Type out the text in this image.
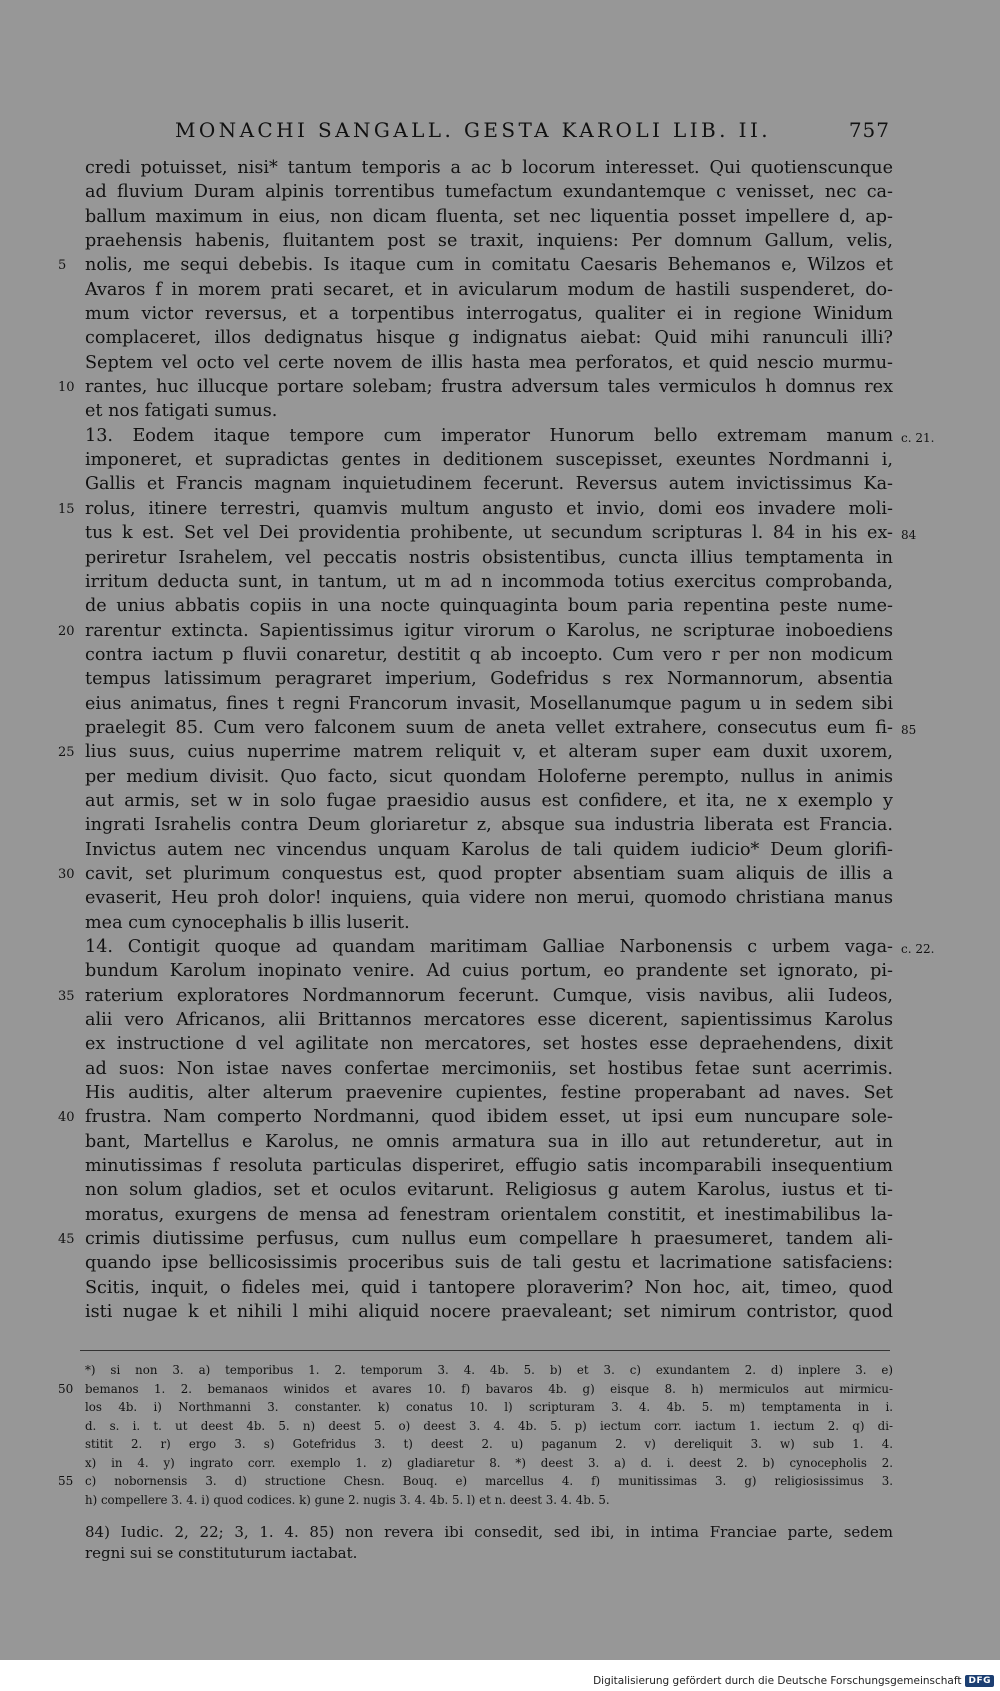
MONACHI SANGALL. GESTA KAROLI LIB. II.	757
credi potuisset, nisi* tantum temporis a ac b locorum interesset. Qui quotienscunque
ad fluvium Duram alpinis torrentibus tumefactum exundantemque c venisset, nec ca-
ballum maximum in eius, non dicam fluenta, set nec liquentia posset impellere d, ap-
praehensis habenis, fluitantem post se traxit, inquiens: Per domnum Gallum, velis,
5	nolis, me sequi debebis. Is itaque cum in comitatu Caesaris Behemanos e, Wilzos et
Avaros f in morem prati secaret, et in avicularum modum de hastili suspenderet, do-
mum victor reversus, et a torpentibus interrogatus, qualiter ei in regione Winidum
complaceret, illos dedignatus hisque g indignatus aiebat: Quid mihi ranunculi illi?
Septem vel octo vel certe novem de illis hasta mea perforatos, et quid nescio murmu-
10 rantes, huc illucque portare solebam; frustra adversum tales vermiculos h domnus rex
et nos fatigati sumus.
c. 21.
13. Eodem itaque tempore cum imperator Hunorum bello extremam manum
imponeret, et supradictas gentes in deditionem suscepisset, exeuntes Nordmanni i,
Gallis et Francis magnam inquietudinem fecerunt. Reversus autem invictissimus Ka-
15 rolus, itinere terrestri, quamvis multum angusto et invio, domi eos invadere moli-
84
tus k est. Set vel Dei providentia prohibente, ut secundum scripturas l. 84 in his ex-
periretur Israhelem, vel peccatis nostris obsistentibus, cuncta illius temptamenta in
irritum deducta sunt, in tantum, ut m ad n incommoda totius exercitus comprobanda,
de unius abbatis copiis in una nocte quinquaginta boum paria repentina peste nume-
20 rarentur extincta. Sapientissimus igitur virorum o Karolus, ne scripturae inoboediens
contra iactum p fluvii conaretur, destitit q ab incoepto. Cum vero r per non modicum
tempus latissimum peragraret imperium, Godefridus s rex Normannorum, absentia
eius animatus, fines t regni Francorum invasit, Mosellanumque pagum u in sedem sibi
85
praelegit 85. Cum vero falconem suum de aneta vellet extrahere, consecutus eum fi-
25 lius suus, cuius nuperrime matrem reliquit v, et alteram super eam duxit uxorem,
per medium divisit. Quo facto, sicut quondam Holoferne perempto, nullus in animis
aut armis, set w in solo fugae praesidio ausus est confidere, et ita, ne x exemplo y
ingrati Israhelis contra Deum gloriaretur z, absque sua industria liberata est Francia.
Invictus autem nec vincendus unquam Karolus de tali quidem iudicio* Deum glorifi-
30 cavit, set plurimum conquestus est, quod propter absentiam suam aliquis de illis a
evaserit, Heu proh dolor! inquiens, quia videre non merui, quomodo christiana manus
mea cum cynocephalis b illis luserit.
c. 22.
14. Contigit quoque ad quandam maritimam Galliae Narbonensis c urbem vaga-
bundum Karolum inopinato venire. Ad cuius portum, eo prandente set ignorato, pi-
35 raterium exploratores Nordmannorum fecerunt. Cumque, visis navibus, alii Iudeos,
alii vero Africanos, alii Brittannos mercatores esse dicerent, sapientissimus Karolus
ex instructione d vel agilitate non mercatores, set hostes esse depraehendens, dixit
ad suos: Non istae naves confertae mercimoniis, set hostibus fetae sunt acerrimis.
His auditis, alter alterum praevenire cupientes, festine properabant ad naves. Set
40 frustra. Nam comperto Nordmanni, quod ibidem esset, ut ipsi eum nuncupare sole-
bant, Martellus e Karolus, ne omnis armatura sua in illo aut retunderetur, aut in
minutissimas f resoluta particulas disperiret, effugio satis incomparabili insequentium
non solum gladios, set et oculos evitarunt. Religiosus g autem Karolus, iustus et ti-
moratus, exurgens de mensa ad fenestram orientalem constitit, et inestimabilibus la-
45 crimis diutissime perfusus, cum nullus eum compellare h praesumeret, tandem ali-
quando ipse bellicosissimis proceribus suis de tali gestu et lacrimatione satisfaciens:
Scitis, inquit, o fideles mei, quid i tantopere ploraverim? Non hoc, ait, timeo, quod
isti nugae k et nihili l mihi aliquid nocere praevaleant; set nimirum contristor, quod
*) si non 3. a) temporibus 1. 2. temporum 3. 4. 4b. 5. b) et 3. c) exundantem 2. d) inplere 3. e)
50 bemanos 1. 2. bemanaos winidos et avares 10. f) bavaros 4b. g) eisque 8. h) mermiculos aut mirmicu-
los 4b. i) Northmanni 3. constanter. k) conatus 10. l) scripturam 3. 4. 4b. 5. m) temptamenta in i.
d. s. i. t. ut deest 4b. 5. n) deest 5. o) deest 3. 4. 4b. 5. p) iectum corr. iactum 1. iectum 2. q) di-
stitit 2. r) ergo 3. s) Gotefridus 3. t) deest 2. u) paganum 2. v) dereliquit 3. w) sub 1. 4.
x) in 4. y) ingrato corr. exemplo 1. z) gladiaretur 8. *) deest 3. a) d. i. deest 2. b) cynocepholis 2.
55 c) nobornensis 3. d) structione Chesn. Bouq. e) marcellus 4. f) munitissimas 3. g) religiosissimus 3.
h) compellere 3. 4. i) quod codices. k) gune 2. nugis 3. 4. 4b. 5. l) et n. deest 3. 4. 4b. 5.
84) Iudic. 2, 22; 3, 1. 4. 85) non revera ibi consedit, sed ibi, in intima Franciae parte, sedem
regni sui se constituturum iactabat.
Digitalisierung gefördert durch die Deutsche Forschungsgemeinschaft DFG
